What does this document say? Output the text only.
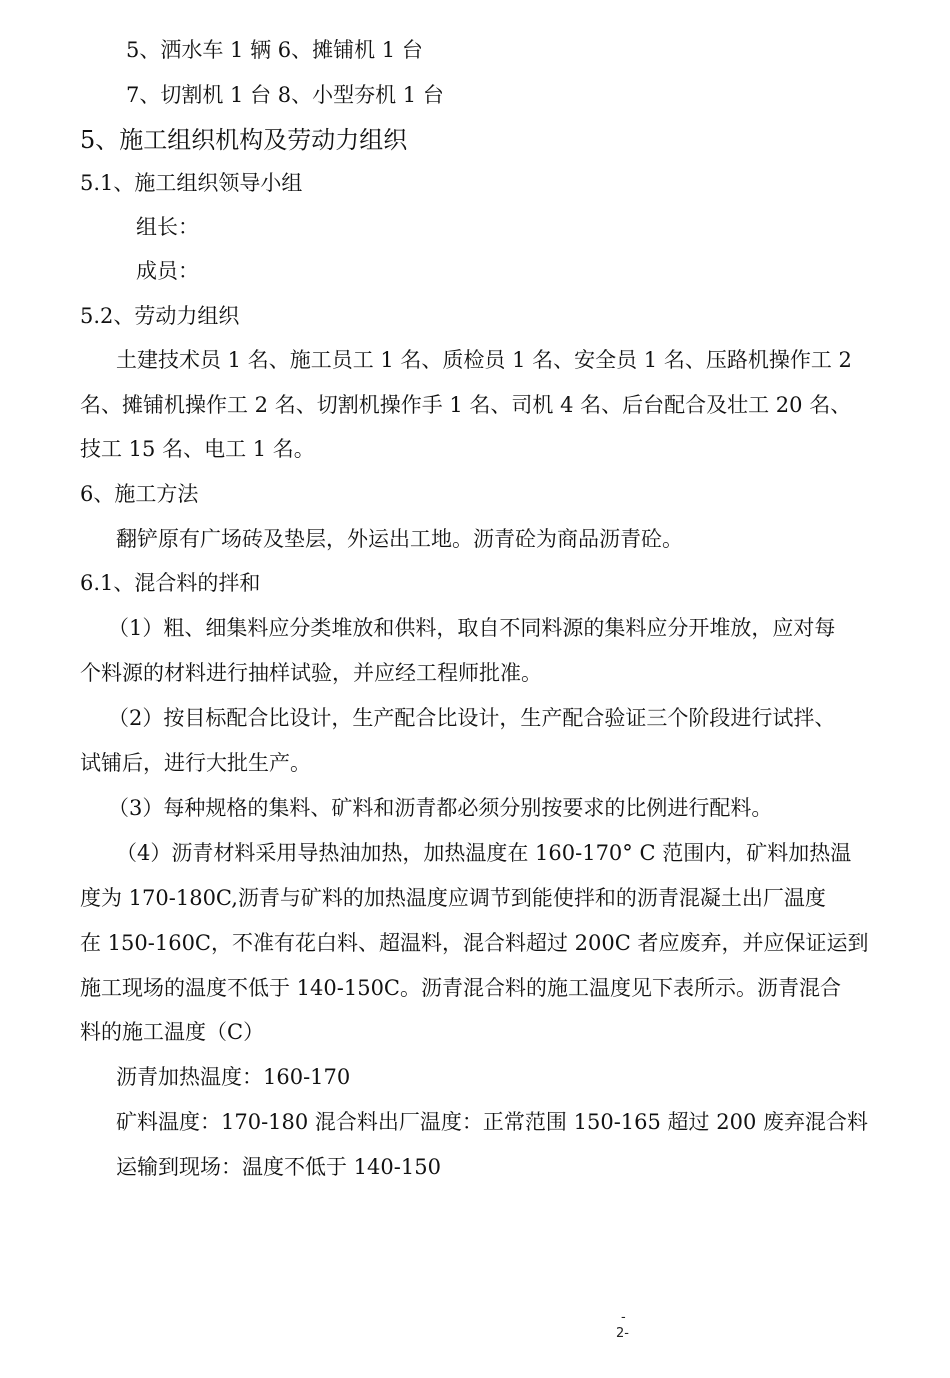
5、洒水车 1 辆 6、摊铺机 1 台
7、切割机 1 台 8、小型夯机 1 台
5、施工组织机构及劳动力组织
5.1、施工组织领导小组
组长：
成员：
5.2、劳动力组织
土建技术员 1 名、施工员工 1 名、质检员 1 名、安全员 1 名、压路机操作工 2
名、摊铺机操作工 2 名、切割机操作手 1 名、司机 4 名、后台配合及壮工 20 名、
技工 15 名、电工 1 名。
6、施工方法
翻铲原有广场砖及垫层，外运出工地。沥青砼为商品沥青砼。
6.1、混合料的拌和
（1）粗、细集料应分类堆放和供料，取自不同料源的集料应分开堆放，应对每
个料源的材料进行抽样试验，并应经工程师批准。
（2）按目标配合比设计，生产配合比设计，生产配合验证三个阶段进行试拌、
试铺后，进行大批生产。
（3）每种规格的集料、矿料和沥青都必须分别按要求的比例进行配料。
（4）沥青材料采用导热油加热，加热温度在 160-170° C 范围内，矿料加热温
度为 170-180C,沥青与矿料的加热温度应调节到能使拌和的沥青混凝土出厂温度
在 150-160C，不准有花白料、超温料，混合料超过 200C 者应废弃，并应保证运到
施工现场的温度不低于 140-150C。沥青混合料的施工温度见下表所示。沥青混合
料的施工温度（C）
沥青加热温度：160-170
矿料温度：170-180 混合料出厂温度：正常范围 150-165 超过 200 废弃混合料
运输到现场：温度不低于 140-150
-
2-
